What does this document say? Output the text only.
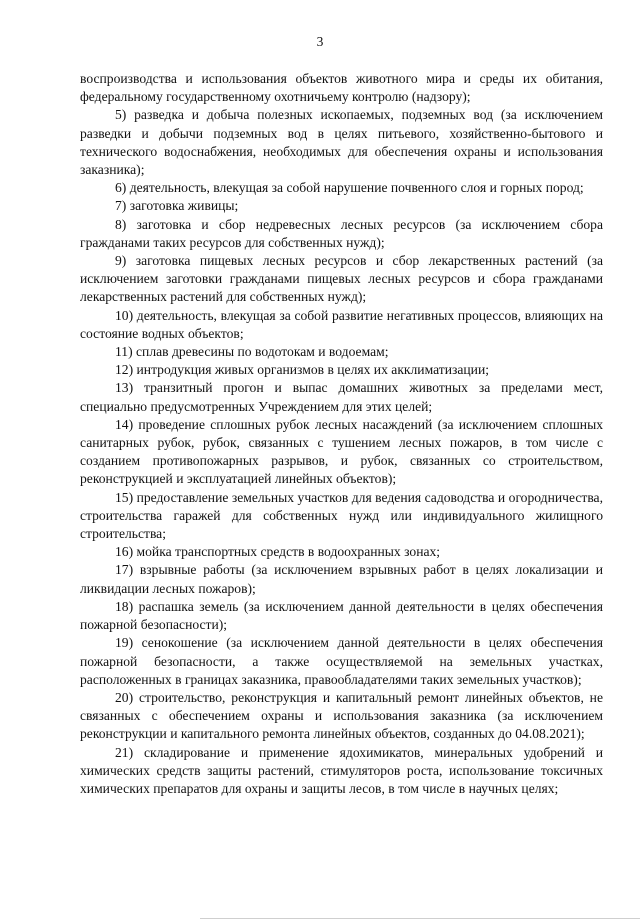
3

воспроизводства и использования объектов животного мира и среды их обитания, федеральному государственному охотничьему контролю (надзору);

5) разведка и добыча полезных ископаемых, подземных вод (за исключением разведки и добычи подземных вод в целях питьевого, хозяйственно-бытового и технического водоснабжения, необходимых для обеспечения охраны и использования заказника);

6) деятельность, влекущая за собой нарушение почвенного слоя и горных пород;

7) заготовка живицы;

8) заготовка и сбор недревесных лесных ресурсов (за исключением сбора гражданами таких ресурсов для собственных нужд);

9) заготовка пищевых лесных ресурсов и сбор лекарственных растений (за исключением заготовки гражданами пищевых лесных ресурсов и сбора гражданами лекарственных растений для собственных нужд);

10) деятельность, влекущая за собой развитие негативных процессов, влияющих на состояние водных объектов;

11) сплав древесины по водотокам и водоемам;

12) интродукция живых организмов в целях их акклиматизации;

13) транзитный прогон и выпас домашних животных за пределами мест, специально предусмотренных Учреждением для этих целей;

14) проведение сплошных рубок лесных насаждений (за исключением сплошных санитарных рубок, рубок, связанных с тушением лесных пожаров, в том числе с созданием противопожарных разрывов, и рубок, связанных со строительством, реконструкцией и эксплуатацией линейных объектов);

15) предоставление земельных участков для ведения садоводства и огородничества, строительства гаражей для собственных нужд или индивидуального жилищного строительства;

16) мойка транспортных средств в водоохранных зонах;

17) взрывные работы (за исключением взрывных работ в целях локализации и ликвидации лесных пожаров);

18) распашка земель (за исключением данной деятельности в целях обеспечения пожарной безопасности);

19) сенокошение (за исключением данной деятельности в целях обеспечения пожарной безопасности, а также осуществляемой на земельных участках, расположенных в границах заказника, правообладателями таких земельных участков);

20) строительство, реконструкция и капитальный ремонт линейных объектов, не связанных с обеспечением охраны и использования заказника (за исключением реконструкции и капитального ремонта линейных объектов, созданных до 04.08.2021);

21) складирование и применение ядохимикатов, минеральных удобрений и химических средств защиты растений, стимуляторов роста, использование токсичных химических препаратов для охраны и защиты лесов, в том числе в научных целях;
